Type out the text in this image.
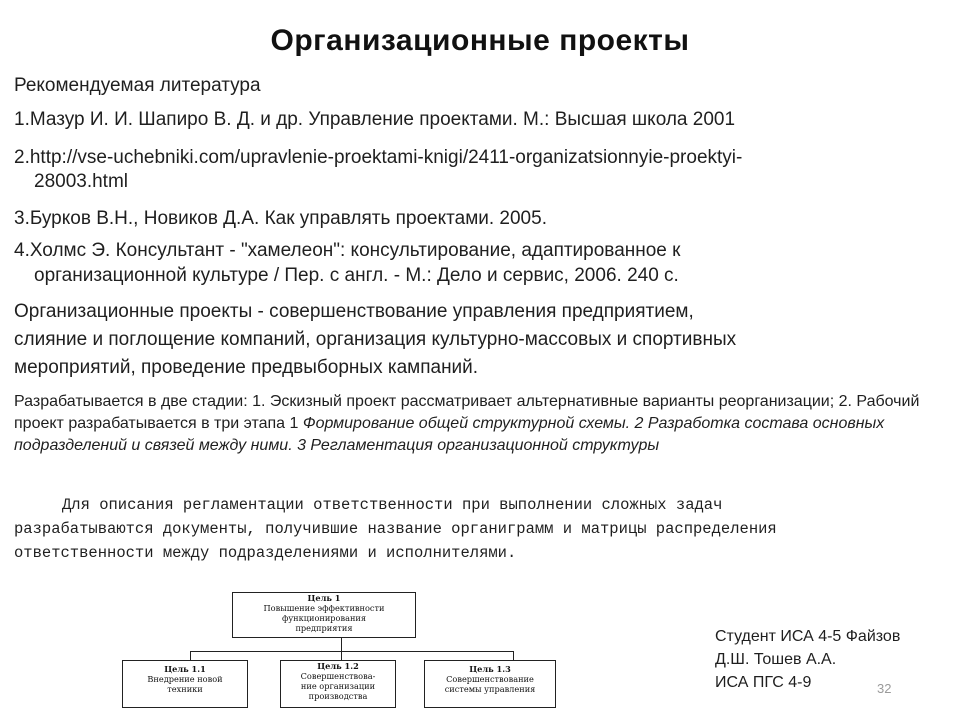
Организационные проекты
Рекомендуемая литература
1.Мазур И. И. Шапиро В. Д. и др. Управление проектами. М.: Высшая школа 2001
2.http://vse-uchebniki.com/upravlenie-proektami-knigi/2411-organizatsionnyie-proektyi-
28003.html
3.Бурков В.Н., Новиков Д.А. Как управлять проектами. 2005.
4.Холмс Э. Консультант - "хамелеон": консультирование, адаптированное к
организационной культуре / Пер. с англ. - М.: Дело и сервис, 2006. 240 с.
Организационные проекты - совершенствование управления предприятием,
слияние и поглощение компаний, организация культурно-массовых и спортивных
мероприятий, проведение предвыборных кампаний.
Разрабатывается в две стадии: 1. Эскизный проект рассматривает альтернативные варианты реорганизации; 2. Рабочий проект разрабатывается в три этапа 1 Формирование общей структурной схемы. 2 Разработка состава основных подразделений и связей между ними. 3 Регламентация организационной структуры
Для описания регламентации ответственности при выполнении сложных задач
разрабатываются документы, получившие название органиграмм и матрицы распределения
ответственности между подразделениями и исполнителями.
Цель 1
Повышение эффективности
функционирования
предприятия
Цель 1.1
Внедрение новой
техники
Цель 1.2
Совершенствова-
ние организации
производства
Цель 1.3
Совершенствование
системы управления
Студент ИСА 4-5 Файзов
Д.Ш. Тошев А.А.
ИСА ПГС 4-9	32
